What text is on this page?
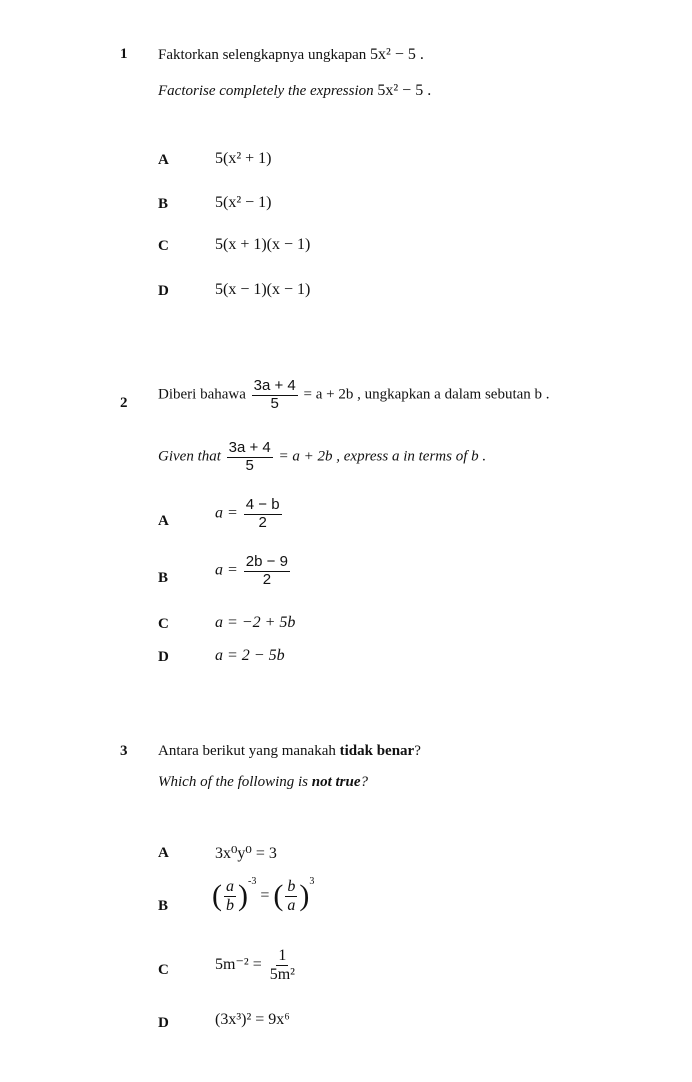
1 Faktorkan selengkapnya ungkapan 5x² − 5 .
Factorise completely the expression 5x² − 5 .
A	5(x² + 1)
B	5(x² − 1)
C	5(x + 1)(x − 1)
D	5(x − 1)(x − 1)
2
Diberi bahawa $\frac{3a + 4}{5} = a + 2b$ , ungkapkan a dalam sebutan b .
Given that $\frac{3a + 4}{5} = a + 2b$ , express a in terms of b .
A	$a = \frac{4 - b}{2}$
B	$a = \frac{2b - 9}{2}$
C	a = −2 + 5b
D	a = 2 − 5b
3 Antara berikut yang manakah tidak benar?
Which of the following is not true?
A	3x⁰y⁰ = 3
B ( $\frac{a}{b} )^{-3}$ = ( $\frac{b}{a} )^3$
C	$5m^{-2} = \frac{1}{\text{5m²}}$
D	(3x³)² = 9x⁶
